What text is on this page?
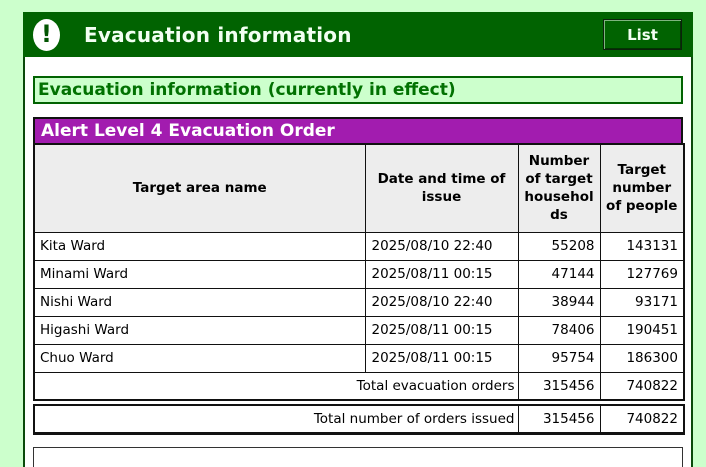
!	Evacuation information	List
Evacuation information (currently in effect)
Alert Level 4 Evacuation Order
Target area name	Date and time of issue	Number of target households	Target number of people
Kita Ward	2025/08/10 22:40	55208	143131
Minami Ward	2025/08/11 00:15	47144	127769
Nishi Ward	2025/08/10 22:40	38944	93171
Higashi Ward	2025/08/11 00:15	78406	190451
Chuo Ward	2025/08/11 00:15	95754	186300
Total evacuation orders		315456	740822
Total number of orders issued	315456	740822
